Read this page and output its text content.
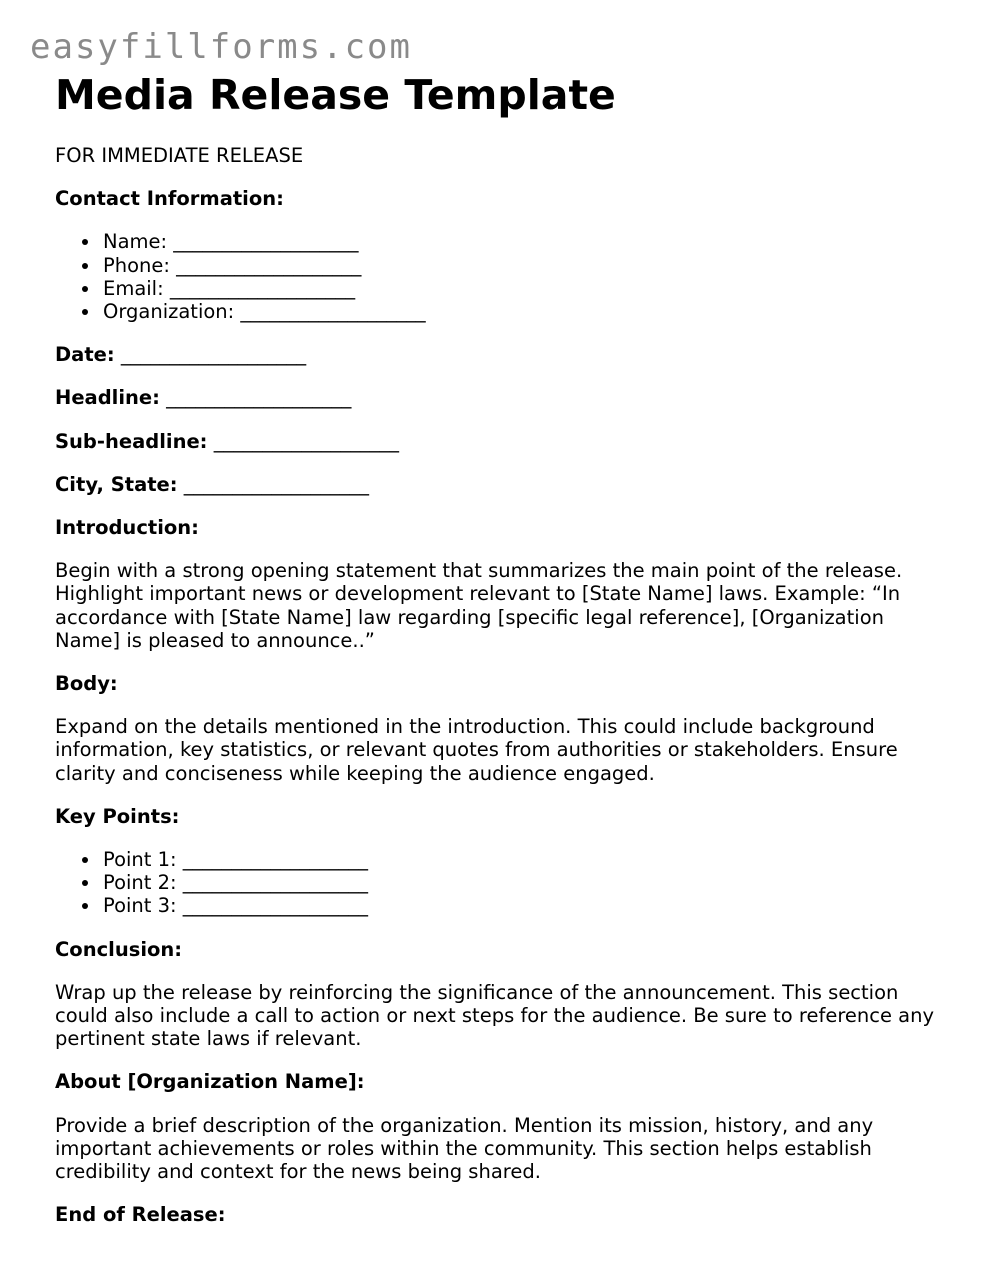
easyfillforms.com
Media Release Template

FOR IMMEDIATE RELEASE

Contact Information:

Name: ___________________
Phone: ___________________
Email: ___________________
Organization: ___________________

Date: ___________________

Headline: ___________________

Sub-headline: ___________________

City, State: ___________________

Introduction:

Begin with a strong opening statement that summarizes the main point of the release. Highlight important news or development relevant to [State Name] laws. Example: “In accordance with [State Name] law regarding [specific legal reference], [Organization Name] is pleased to announce..”

Body:

Expand on the details mentioned in the introduction. This could include background information, key statistics, or relevant quotes from authorities or stakeholders. Ensure clarity and conciseness while keeping the audience engaged.

Key Points:

Point 1: ___________________
Point 2: ___________________
Point 3: ___________________

Conclusion:

Wrap up the release by reinforcing the significance of the announcement. This section could also include a call to action or next steps for the audience. Be sure to reference any pertinent state laws if relevant.

About [Organization Name]:

Provide a brief description of the organization. Mention its mission, history, and any important achievements or roles within the community. This section helps establish credibility and context for the news being shared.

End of Release:
